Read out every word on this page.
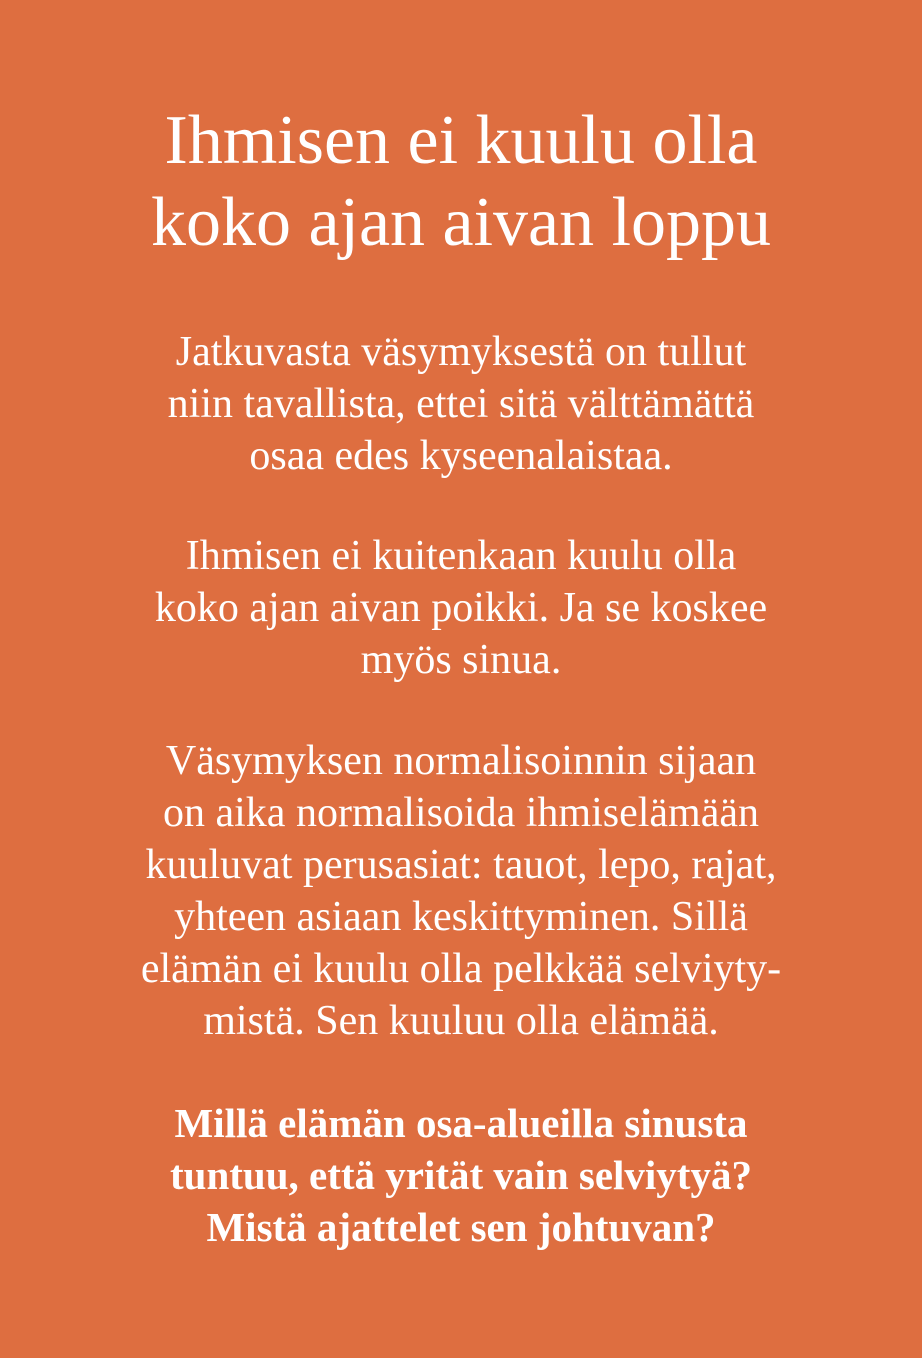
Ihmisen ei kuulu olla
koko ajan aivan loppu

Jatkuvasta väsymyksestä on tullut
niin tavallista, ettei sitä välttämättä
osaa edes kyseenalaistaa.

Ihmisen ei kuitenkaan kuulu olla
koko ajan aivan poikki. Ja se koskee
myös sinua.

Väsymyksen normalisoinnin sijaan
on aika normalisoida ihmiselämään
kuuluvat perusasiat: tauot, lepo, rajat,
yhteen asiaan keskittyminen. Sillä
elämän ei kuulu olla pelkkää selviyty-
mistä. Sen kuuluu olla elämää.

Millä elämän osa-alueilla sinusta
tuntuu, että yrität vain selviytyä?
Mistä ajattelet sen johtuvan?
